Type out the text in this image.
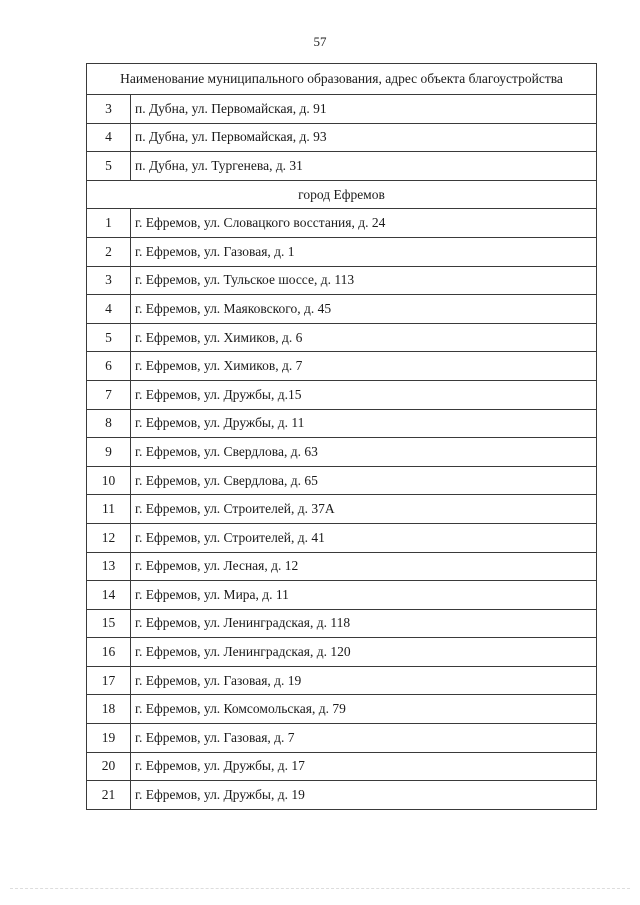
57
Наименование муниципального образования, адрес объекта благоустройства	
3	п. Дубна, ул. Первомайская, д. 91
4	п. Дубна, ул. Первомайская, д. 93
5	п. Дубна, ул. Тургенева, д. 31
город Ефремов	
1	г. Ефремов, ул. Словацкого восстания, д. 24
2	г. Ефремов, ул. Газовая, д. 1
3	г. Ефремов, ул. Тульское шоссе, д. 113
4	г. Ефремов, ул. Маяковского, д. 45
5	г. Ефремов, ул. Химиков, д. 6
6	г. Ефремов, ул. Химиков, д. 7
7	г. Ефремов, ул. Дружбы, д.15
8	г. Ефремов, ул. Дружбы, д. 11
9	г. Ефремов, ул. Свердлова, д. 63
10	г. Ефремов, ул. Свердлова, д. 65
11	г. Ефремов, ул. Строителей, д. 37А
12	г. Ефремов, ул. Строителей, д. 41
13	г. Ефремов, ул. Лесная, д. 12
14	г. Ефремов, ул. Мира, д. 11
15	г. Ефремов, ул. Ленинградская, д. 118
16	г. Ефремов, ул. Ленинградская, д. 120
17	г. Ефремов, ул. Газовая, д. 19
18	г. Ефремов, ул. Комсомольская, д. 79
19	г. Ефремов, ул. Газовая, д. 7
20	г. Ефремов, ул. Дружбы, д. 17
21	г. Ефремов, ул. Дружбы, д. 19
